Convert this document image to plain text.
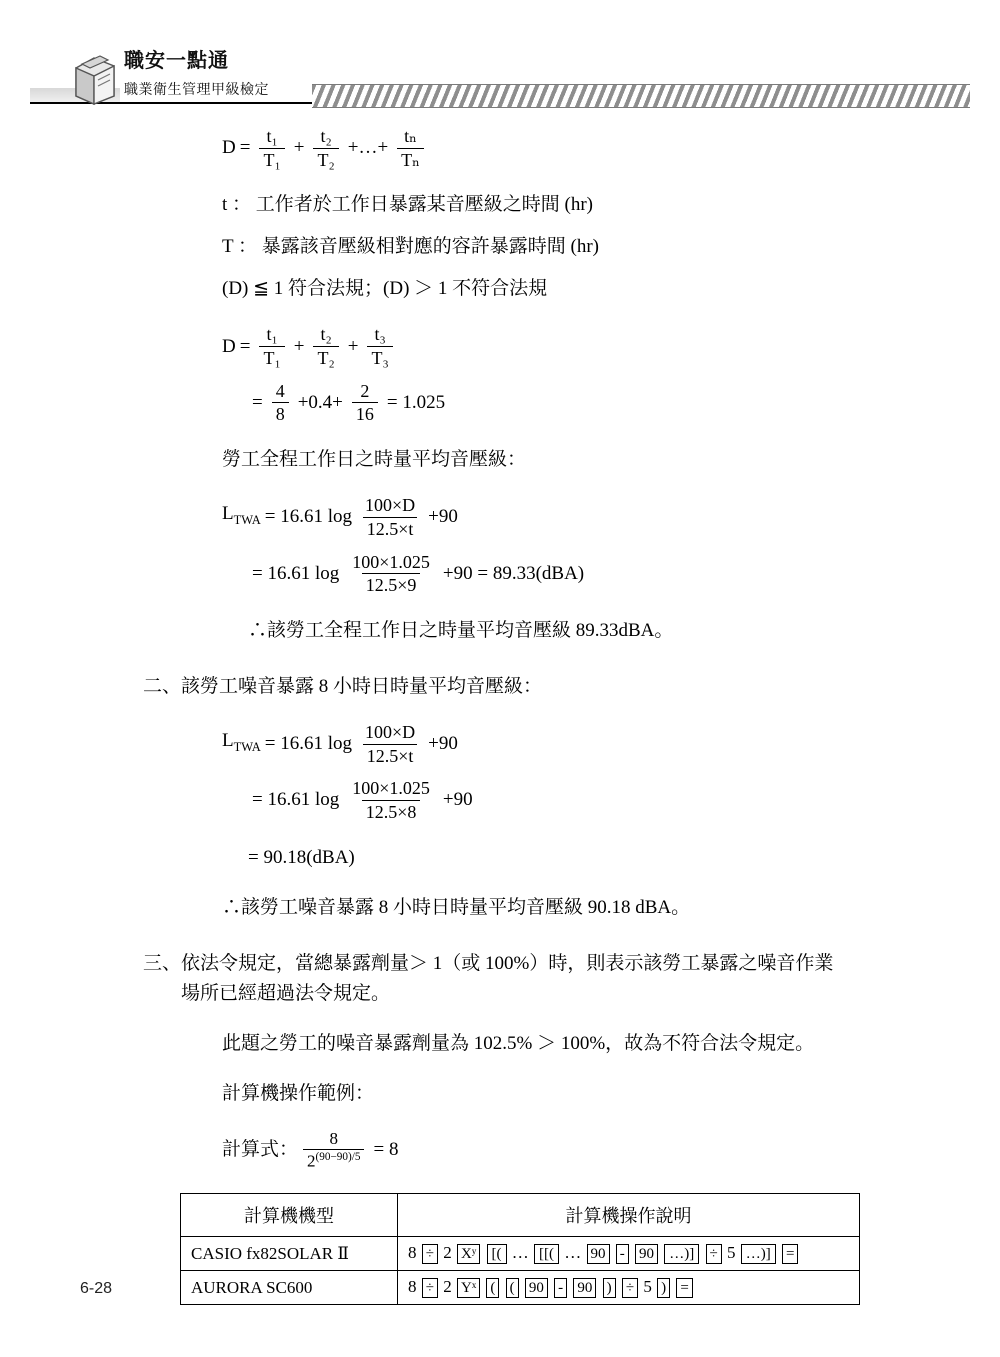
職安一點通
職業衛生管理甲級檢定
$D = \frac{\text{t₁}}{\text{T₁}} + \frac{\text{t₂}}{\text{T₂}}$ +…+ $\frac{\text{tₙ}}{\text{Tₙ}}$
t ： 工作者於工作日暴露某音壓級之時間 (hr)
T ： 暴露該音壓級相對應的容許暴露時間 (hr)
(D) ≦ 1 符合法規；(D) ＞ 1 不符合法規
$D = \frac{\text{t₁}}{\text{T₁}} + \frac{\text{t₂}}{\text{T₂}} + \frac{\text{t₃}}{\text{T₃}}$
= $\frac{4}{8} +0.4+ \frac{2}{16} = 1.025$
勞工全程工作日之時量平均音壓級：
$L_{TWA} = 16.61$ $\log \frac{100\times D}{12.5\times t} +90$
= 16.61 $\log \frac{100\times 1.025}{12.5\times 9} +90 = 89.33(dBA)$
∴該勞工全程工作日之時量平均音壓級 89.33dBA。
二、 該勞工噪音暴露 8 小時日時量平均音壓級：
$L_{TWA} = 16.61$ $\log \frac{100\times D}{12.5\times t} +90$
= 16.61 $\log \frac{100\times 1.025}{12.5\times 8} +90$
= 90.18(dBA)
∴該勞工噪音暴露 8 小時日時量平均音壓級 90.18 dBA。
三、 依法令規定，當總暴露劑量＞ 1（或 100%）時，則表示該勞工暴露之噪音作業
場所已經超過法令規定。
此題之勞工的噪音暴露劑量為 102.5% ＞ 100%，故為不符合法令規定。
計算機操作範例：
計算式： $\frac{8}{2^{(90-90)/5}} = 8$
計算機機型	計算機操作說明
CASIO fx82SOLAR Ⅱ	8 ÷ 2 Xʸ [( … [[( … 90 - 90 …)] ÷ 5 …)] =
AURORA SC600	8 ÷ 2 Yˣ ( ( 90 - 90 ) ÷ 5 ) =
6-28
